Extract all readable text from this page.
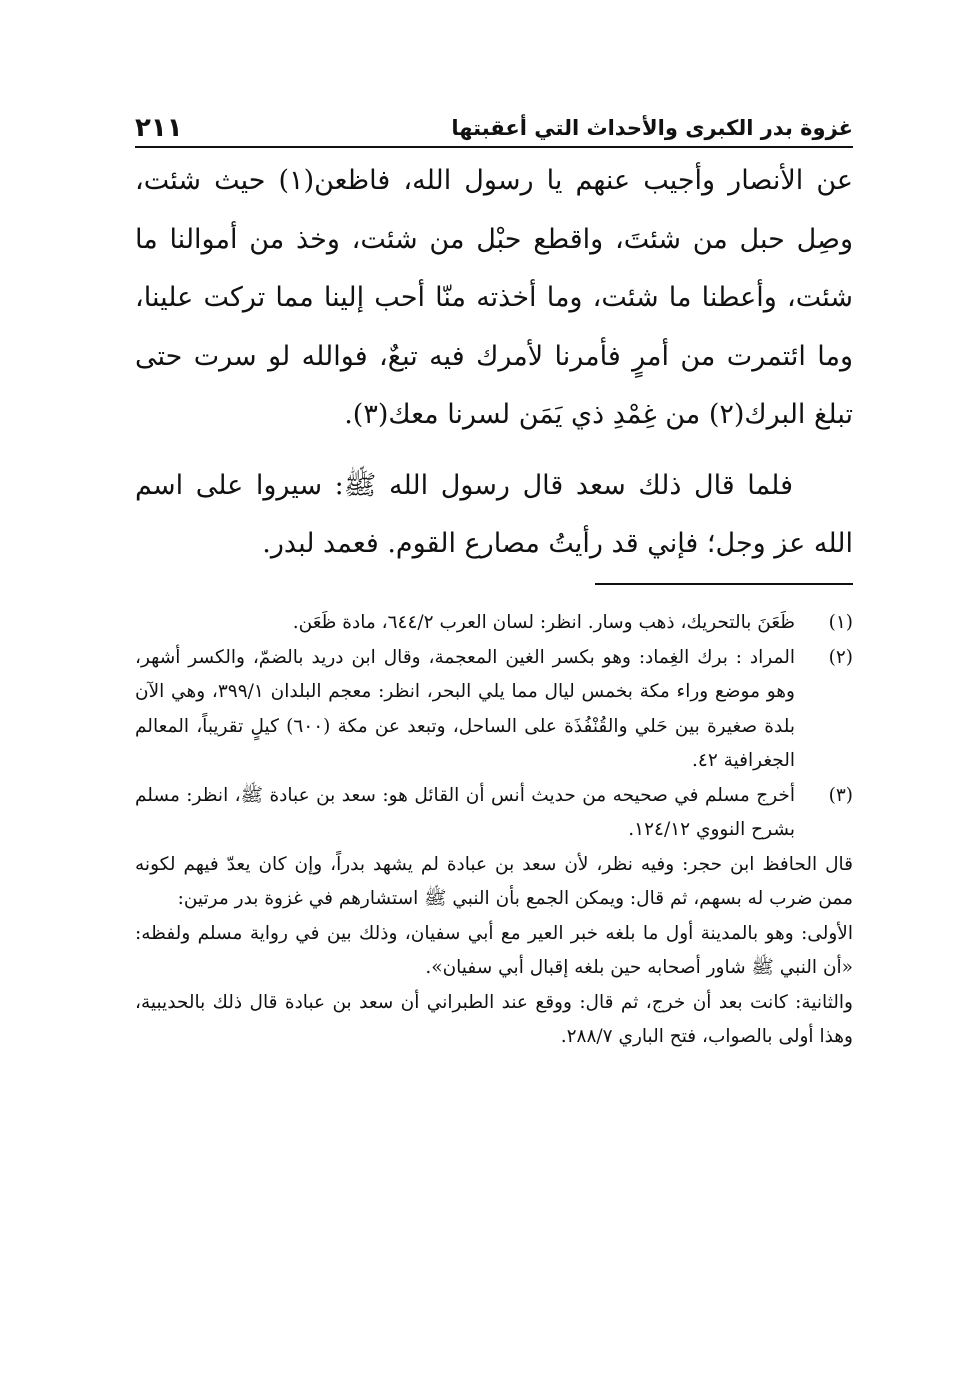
غزوة بدر الكبرى والأحداث التي أعقبتها
٢١١

عن الأنصار وأجيب عنهم يا رسول الله، فاظعن(١) حيث شئت، وصِل حبل من شئتَ، واقطع حبْل من شئت، وخذ من أموالنا ما شئت، وأعطنا ما شئت، وما أخذته منّا أحب إلينا مما تركت علينا، وما ائتمرت من أمرٍ فأمرنا لأمرك فيه تبعٌ، فوالله لو سرت حتى تبلغ البرك(٢) من غِمْدِ ذي يَمَن لسرنا معك(٣).

فلما قال ذلك سعد قال رسول الله ﷺ: سيروا على اسم الله عز وجل؛ فإني قد رأيتُ مصارع القوم. فعمد لبدر.

(١)
ظَعَنَ بالتحريك، ذهب وسار. انظر: لسان العرب ٦٤٤/٢، مادة ظَعَن.
(٢)
المراد : برك الغِماد: وهو بكسر الغين المعجمة، وقال ابن دريد بالضمّ، والكسر أشهر، وهو موضع وراء مكة بخمس ليال مما يلي البحر، انظر: معجم البلدان ٣٩٩/١، وهي الآن بلدة صغيرة بين حَلي والقُنْفُذَة على الساحل، وتبعد عن مكة (٦٠٠) كيلٍ تقريباً، المعالم الجغرافية ٤٢.
(٣)
أخرج مسلم في صحيحه من حديث أنس أن القائل هو: سعد بن عبادة ﷺ، انظر: مسلم بشرح النووي ١٢٤/١٢.

قال الحافظ ابن حجر: وفيه نظر، لأن سعد بن عبادة لم يشهد بدراً، وإن كان يعدّ فيهم لكونه ممن ضرب له بسهم، ثم قال: ويمكن الجمع بأن النبي ﷺ استشارهم في غزوة بدر مرتين:

الأولى: وهو بالمدينة أول ما بلغه خبر العير مع أبي سفيان، وذلك بين في رواية مسلم ولفظه: «أن النبي ﷺ شاور أصحابه حين بلغه إقبال أبي سفيان».

والثانية: كانت بعد أن خرج، ثم قال: ووقع عند الطبراني أن سعد بن عبادة قال ذلك بالحديبية، وهذا أولى بالصواب، فتح الباري ٢٨٨/٧.
